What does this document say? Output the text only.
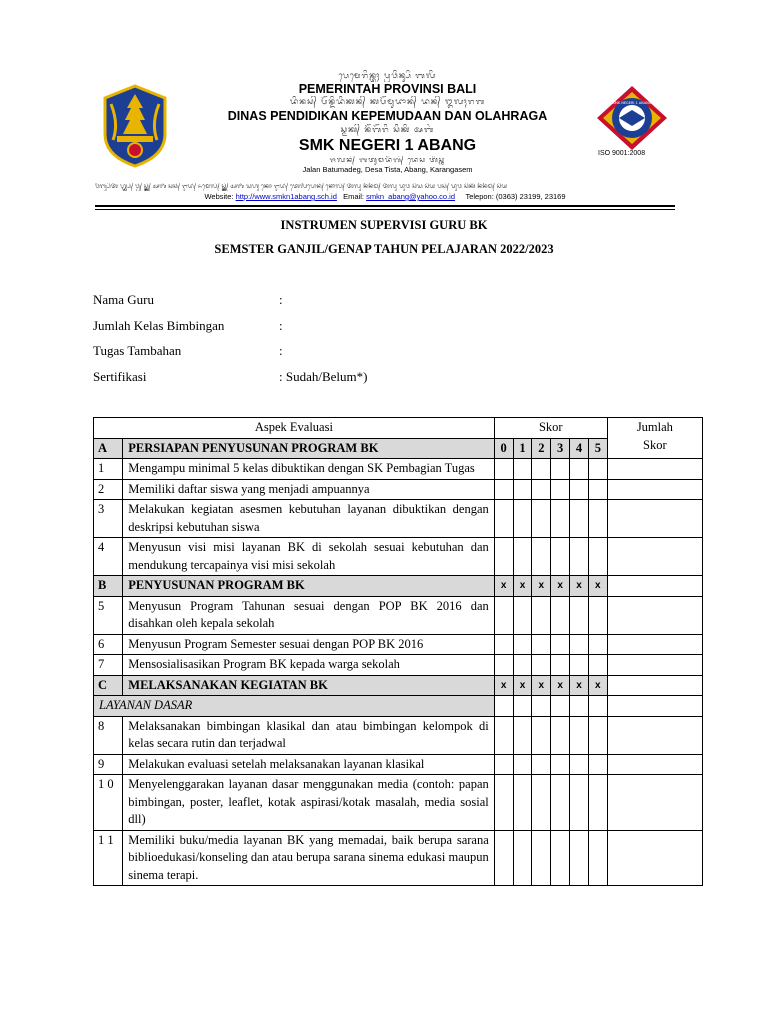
ᬧᬾᬫᬾᬭᬶᬦ᭄ᬢᬄ ᬧ᭄ᬭᬯᬶᬦ᭄ᬲᬶ ᬩᬮᬶ
PEMERINTAH PROVINSI BALI
ᬤᬶᬦᬲ᭄ ᬧᭂᬦ᭄ᬤᬶᬤᬶᬓᬦ᭄ ᬓᬧᭂᬫᬸᬤᬵᬦ᭄ ᬤᬦ᭄ ᬑᬮᬄᬭᬕ
DINAS PENDIDIKAN KEPEMUDAAN DAN OLAHRAGA
ᬲ᭄ᬫᬓ᭄ ᬦᭂᬕᭂᬭᬶ ᬲᬶᬓᬶ ᬅᬩᬂ
SMK NEGERI 1 ABANG
ᬚᬮᬦ᭄ ᬩᬢᬸᬫᬤᭂᬕ᭄ ᬤᬾᬲ ᬢᬶᬲ᭄ᬢ
Jalan Batumadeg, Desa Tista, Abang, Karangasem
SMK NEGERI 1 ABANG
ISO 9001:2008
ᬯᭂᬩ᭄ᬲᬶᬢᭂ ᬳ᭄ᬢ᭄ᬢ᭄ᬧ᭄ ᬯ᭄ᬯ᭄ᬯ᭄ ᬲ᭄ᬫ᭄ᬓ᭄ᬦ᭄ ᬅᬩᬂ ᬲᬘ᭄ ᬇᬤ᭄ ᬏᬫᬾᬮ᭄ ᬲ᭄ᬫ᭄ᬓ᭄ᬦ᭄ ᬅᬩᬂ ᬬᬳᬸ ᬓᭀ ᬇᬤ᭄ ᬢᬾᬮᭂᬧᭀᬦ᭄ ᬦᭀᬮ᭄ ᬢᭂᬮᬸ ᬦᭂᬦᭂᬫ᭄ ᬢᭂᬮᬸ ᬤᬸᬯ ᬲᬶᬬ ᬲᬶᬬ ᬧᬲ᭄ ᬤᬸᬯ ᬲᬶᬓᬶ ᬦᭂᬦᭂᬫ᭄ ᬲᬶᬬ
Website: http://www.smkn1abang.sch.id Email: smkn_abang@yahoo.co.id Telepon: (0363) 23199, 23169
INSTRUMEN SUPERVISI GURU BK
SEMSTER GANJIL/GENAP TAHUN PELAJARAN 2022/2023
Nama Guru	:
Jumlah Kelas Bimbingan	:
Tugas Tambahan	:
Sertifikasi	: Sudah/Belum*)
Aspek Evaluasi		Skor						Jumlah
Skor
A	PERSIAPAN PENYUSUNAN PROGRAM BK	0	1	2	3	4	5	
1	Mengampu minimal 5 kelas dibuktikan dengan SK Pembagian Tugas							
2	Memiliki daftar siswa yang menjadi ampuannya							
3	Melakukan kegiatan asesmen kebutuhan layanan dibuktikan dengan deskripsi kebutuhan siswa							
4	Menyusun visi misi layanan BK di sekolah sesuai kebutuhan dan mendukung tercapainya visi misi sekolah							
B	PENYUSUNAN PROGRAM BK	x	x	x	x	x	x	
5	Menyusun Program Tahunan sesuai dengan POP BK 2016 dan disahkan oleh kepala sekolah							
6	Menyusun Program Semester sesuai dengan POP BK 2016							
7	Mensosialisasikan Program BK kepada warga sekolah							
C	MELAKSANAKAN KEGIATAN BK	x	x	x	x	x	x	
LAYANAN DASAR								
8	Melaksanakan bimbingan klasikal dan atau bimbingan kelompok di kelas secara rutin dan terjadwal							
9	Melakukan evaluasi setelah melaksanakan layanan klasikal							
1 0	Menyelenggarakan layanan dasar menggunakan media (contoh: papan bimbingan, poster, leaflet, kotak aspirasi/kotak masalah, media sosial dll)							
1 1	Memiliki buku/media layanan BK yang memadai, baik berupa sarana biblioedukasi/konseling dan atau berupa sarana sinema edukasi maupun sinema terapi.							
